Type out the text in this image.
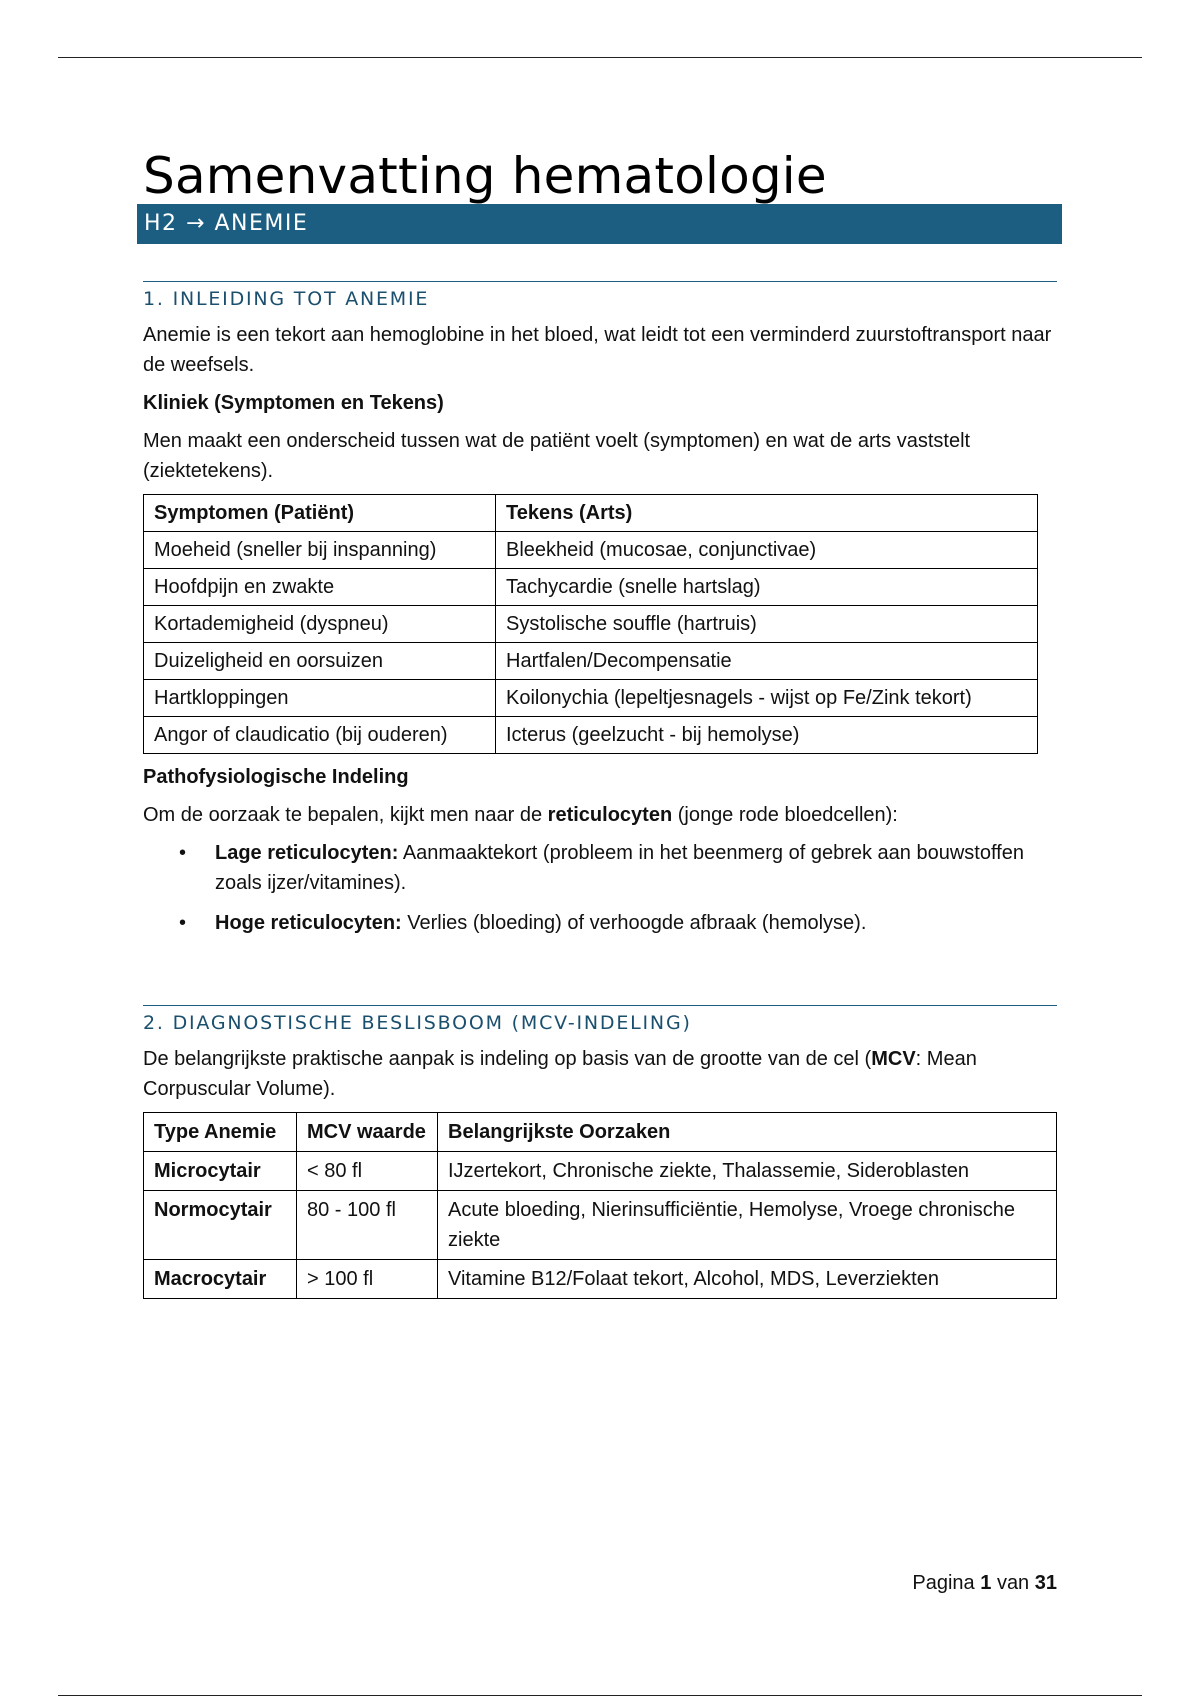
Samenvatting hematologie
H2 → ANEMIE
1. INLEIDING TOT ANEMIE

Anemie is een tekort aan hemoglobine in het bloed, wat leidt tot een verminderd zuurstoftransport naar de weefsels.

Kliniek (Symptomen en Tekens)

Men maakt een onderscheid tussen wat de patiënt voelt (symptomen) en wat de arts vaststelt (ziektetekens).

Symptomen (Patiënt)	Tekens (Arts)
Moeheid (sneller bij inspanning)	Bleekheid (mucosae, conjunctivae)
Hoofdpijn en zwakte	Tachycardie (snelle hartslag)
Kortademigheid (dyspneu)	Systolische souffle (hartruis)
Duizeligheid en oorsuizen	Hartfalen/Decompensatie
Hartkloppingen	Koilonychia (lepeltjesnagels - wijst op Fe/Zink tekort)
Angor of claudicatio (bij ouderen)	Icterus (geelzucht - bij hemolyse)

Pathofysiologische Indeling

Om de oorzaak te bepalen, kijkt men naar de reticulocyten (jonge rode bloedcellen):

• Lage reticulocyten: Aanmaaktekort (probleem in het beenmerg of gebrek aan bouwstoffen zoals ijzer/vitamines).
• Hoge reticulocyten: Verlies (bloeding) of verhoogde afbraak (hemolyse).
2. DIAGNOSTISCHE BESLISBOOM (MCV-INDELING)

De belangrijkste praktische aanpak is indeling op basis van de grootte van de cel (MCV: Mean Corpuscular Volume).

Type Anemie	MCV waarde	Belangrijkste Oorzaken
Microcytair	< 80 fl	IJzertekort, Chronische ziekte, Thalassemie, Sideroblasten
Normocytair	80 - 100 fl	Acute bloeding, Nierinsufficiëntie, Hemolyse, Vroege chronische ziekte
Macrocytair	> 100 fl	Vitamine B12/Folaat tekort, Alcohol, MDS, Leverziekten
Pagina 1 van 31
